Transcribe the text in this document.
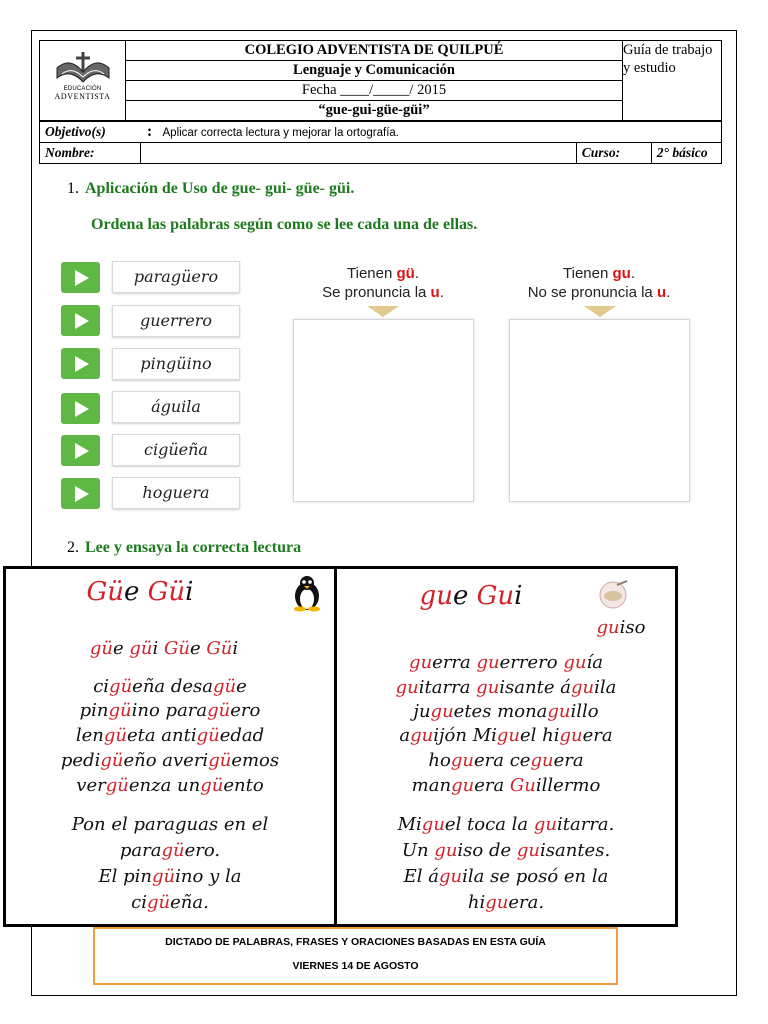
EDUCACIÓN
ADVENTISTA
	COLEGIO ADVENTISTA DE QUILPUÉ	Guía de trabajo y estudio
Lenguaje y Comunicación
Fecha ____/_____/ 2015
“gue-gui-güe-güi”
Objetivo(s)	:	Aplicar correcta lectura y mejorar la ortografía.		
Nombre:			Curso:	2° básico
1. Aplicación de Uso de gue- gui- güe- güi.
Ordena las palabras según como se lee cada una de ellas.
paragüero
guerrero
pingüino
águila
cigüeña
hoguera
Tienen gü.
Se pronuncia la u.
Tienen gu.
No se pronuncia la u.
2. Lee y ensaya la correcta lectura
Güe Güi
güe güi Güe Güi
cigüeña desagüe
pingüino paragüero
lengüeta antigüedad
pedigüeño averigüemos
vergüenza ungüento
Pon el paraguas en el
paragüero.
El pingüino y la
cigüeña.
gue Gui
guiso
guerra guerrero guía
guitarra guisante águila
juguetes monaguillo
aguijón Miguel higuera
hoguera ceguera
manguera Guillermo
Miguel toca la guitarra.
Un guiso de guisantes.
El águila se posó en la
higuera.
DICTADO DE PALABRAS, FRASES Y ORACIONES BASADAS EN ESTA GUÍA
VIERNES 14 DE AGOSTO
